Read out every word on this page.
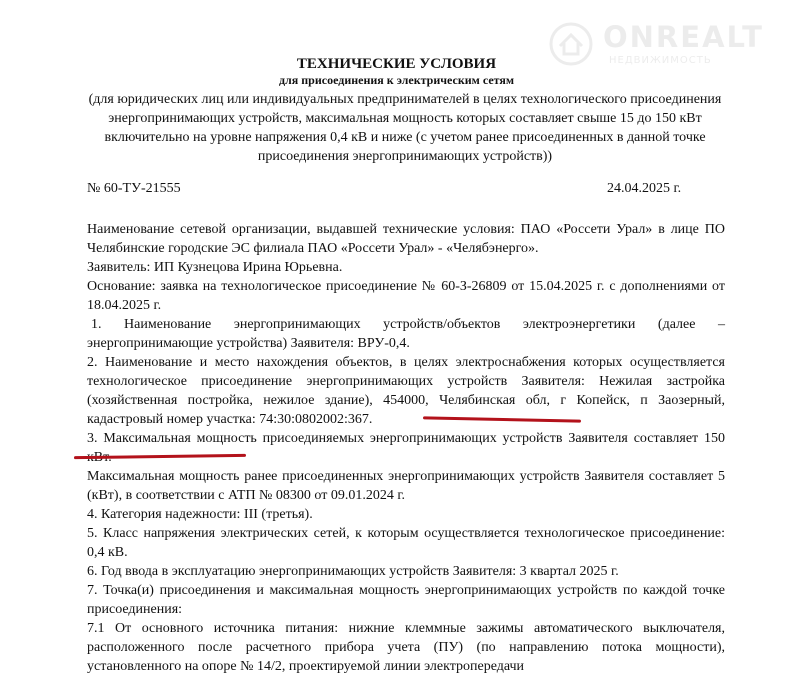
ONREALT
НЕДВИЖИМОСТЬ
ТЕХНИЧЕСКИЕ УСЛОВИЯ
для присоединения к электрическим сетям
(для юридических лиц или индивидуальных предпринимателей в целях технологического присоединения энергопринимающих устройств, максимальная мощность которых составляет свыше 15 до 150 кВт включительно на уровне напряжения 0,4 кВ и ниже (с учетом ранее присоединенных в данной точке присоединения энергопринимающих устройств))
№ 60-ТУ-21555	24.04.2025 г.

Наименование сетевой организации, выдавшей технические условия: ПАО «Россети Урал» в лице ПО Челябинские городские ЭС филиала ПАО «Россети Урал» - «Челябэнерго».

Заявитель: ИП Кузнецова Ирина Юрьевна.

Основание: заявка на технологическое присоединение № 60-З-26809 от 15.04.2025 г. с дополнениями от 18.04.2025 г.

1. Наименование энергопринимающих устройств/объектов электроэнергетики (далее – энергопринимающие устройства) Заявителя: ВРУ-0,4.

2. Наименование и место нахождения объектов, в целях электроснабжения которых осуществляется технологическое присоединение энергопринимающих устройств Заявителя: Нежилая застройка (хозяйственная постройка, нежилое здание), 454000, Челябинская обл, г Копейск, п Заозерный, кадастровый номер участка: 74:30:0802002:367.

3. Максимальная мощность присоединяемых энергопринимающих устройств Заявителя составляет 150

Максимальная мощность ранее присоединенных энергопринимающих устройств Заявителя составляет 5 (кВт), в соответствии с АТП № 08300 от 09.01.2024 г.

4. Категория надежности: III (третья).

5. Класс напряжения электрических сетей, к которым осуществляется технологическое присоединение: 0,4 кВ.

6. Год ввода в эксплуатацию энергопринимающих устройств Заявителя: 3 квартал 2025 г.

7. Точка(и) присоединения и максимальная мощность энергопринимающих устройств по каждой точке присоединения:

7.1 От основного источника питания: нижние клеммные зажимы автоматического выключателя, расположенного после расчетного прибора учета (ПУ) (по направлению потока мощности), установленного на опоре № 14/2, проектируемой линии электропередачи
